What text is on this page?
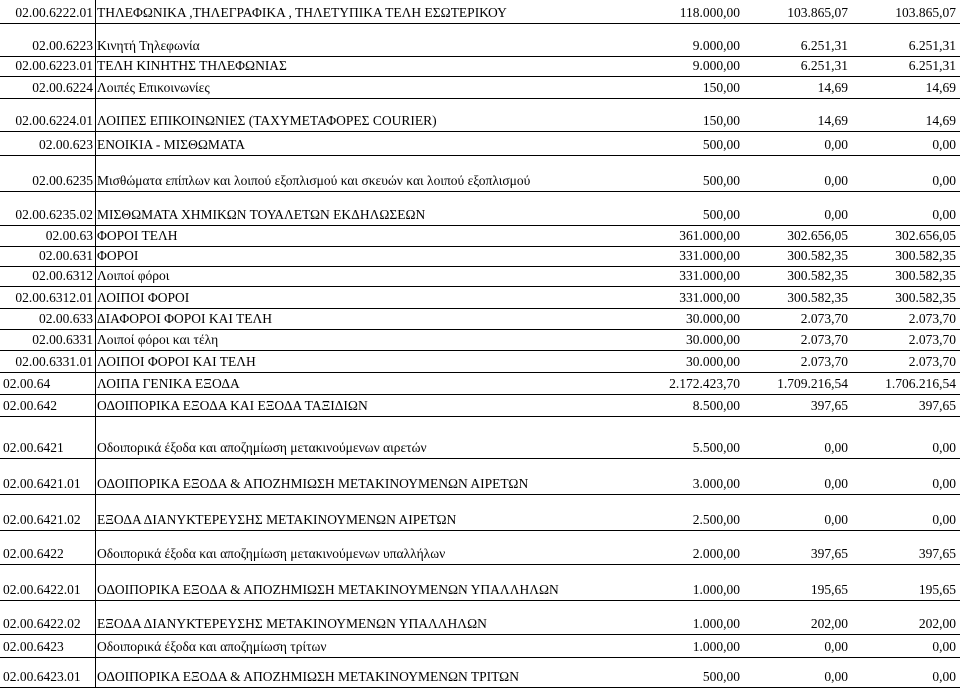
02.00.6222.01 ΤΗΛΕΦΩΝΙΚΑ ,ΤΗΛΕΓΡΑΦΙΚΑ , ΤΗΛΕΤΥΠΙΚΑ ΤΕΛΗ ΕΣΩΤΕΡΙΚΟΥ	118.000,00	103.865,07	103.865,07
02.00.6223 Κινητή Τηλεφωνία	9.000,00	6.251,31	6.251,31
02.00.6223.01 ΤΕΛΗ ΚΙΝΗΤΗΣ ΤΗΛΕΦΩΝΙΑΣ	9.000,00	6.251,31	6.251,31
02.00.6224 Λοιπές Επικοινωνίες	150,00	14,69	14,69
02.00.6224.01 ΛΟΙΠΕΣ ΕΠΙΚΟΙΝΩΝΙΕΣ (ΤΑΧΥΜΕΤΑΦΟΡΕΣ COURIER)	150,00	14,69	14,69
02.00.623 ΕΝΟΙΚΙΑ - ΜΙΣΘΩΜΑΤΑ	500,00	0,00	0,00
02.00.6235 Μισθώματα επίπλων και λοιπού εξοπλισμού και σκευών και λοιπού εξοπλισμού	500,00	0,00	0,00
02.00.6235.02 ΜΙΣΘΩΜΑΤΑ ΧΗΜΙΚΩΝ ΤΟΥΑΛΕΤΩΝ ΕΚΔΗΛΩΣΕΩΝ	500,00	0,00	0,00
02.00.63 ΦΟΡΟΙ ΤΕΛΗ	361.000,00	302.656,05	302.656,05
02.00.631 ΦΟΡΟΙ	331.000,00	300.582,35	300.582,35
02.00.6312 Λοιποί φόροι	331.000,00	300.582,35	300.582,35
02.00.6312.01 ΛΟΙΠΟΙ ΦΟΡΟΙ	331.000,00	300.582,35	300.582,35
02.00.633 ΔΙΑΦΟΡΟΙ ΦΟΡΟΙ ΚΑΙ ΤΕΛΗ	30.000,00	2.073,70	2.073,70
02.00.6331 Λοιποί φόροι και τέλη	30.000,00	2.073,70	2.073,70
02.00.6331.01 ΛΟΙΠΟΙ ΦΟΡΟΙ ΚΑΙ ΤΕΛΗ	30.000,00	2.073,70	2.073,70
02.00.64	ΛΟΙΠΑ ΓΕΝΙΚΑ ΕΞΟΔΑ	2.172.423,70	1.709.216,54	1.706.216,54
02.00.642	ΟΔΟΙΠΟΡΙΚΑ ΕΞΟΔΑ ΚΑΙ ΕΞΟΔΑ ΤΑΞΙΔΙΩΝ	8.500,00	397,65	397,65
02.00.6421	Οδοιπορικά έξοδα και αποζημίωση μετακινούμενων αιρετών	5.500,00	0,00	0,00
02.00.6421.01	ΟΔΟΙΠΟΡΙΚΑ ΕΞΟΔΑ & ΑΠΟΖΗΜΙΩΣΗ ΜΕΤΑΚΙΝΟΥΜΕΝΩΝ ΑΙΡΕΤΩΝ	3.000,00	0,00	0,00
02.00.6421.02	ΕΞΟΔΑ ΔΙΑΝΥΚΤΕΡΕΥΣΗΣ ΜΕΤΑΚΙΝΟΥΜΕΝΩΝ ΑΙΡΕΤΩΝ	2.500,00	0,00	0,00
02.00.6422	Οδοιπορικά έξοδα και αποζημίωση μετακινούμενων υπαλλήλων	2.000,00	397,65	397,65
02.00.6422.01	ΟΔΟΙΠΟΡΙΚΑ ΕΞΟΔΑ & ΑΠΟΖΗΜΙΩΣΗ ΜΕΤΑΚΙΝΟΥΜΕΝΩΝ ΥΠΑΛΛΗΛΩΝ	1.000,00	195,65	195,65
02.00.6422.02	ΕΞΟΔΑ ΔΙΑΝΥΚΤΕΡΕΥΣΗΣ ΜΕΤΑΚΙΝΟΥΜΕΝΩΝ ΥΠΑΛΛΗΛΩΝ	1.000,00	202,00	202,00
02.00.6423	Οδοιπορικά έξοδα και αποζημίωση τρίτων	1.000,00	0,00	0,00
02.00.6423.01	ΟΔΟΙΠΟΡΙΚΑ ΕΞΟΔΑ & ΑΠΟΖΗΜΙΩΣΗ ΜΕΤΑΚΙΝΟΥΜΕΝΩΝ ΤΡΙΤΩΝ	500,00	0,00	0,00
